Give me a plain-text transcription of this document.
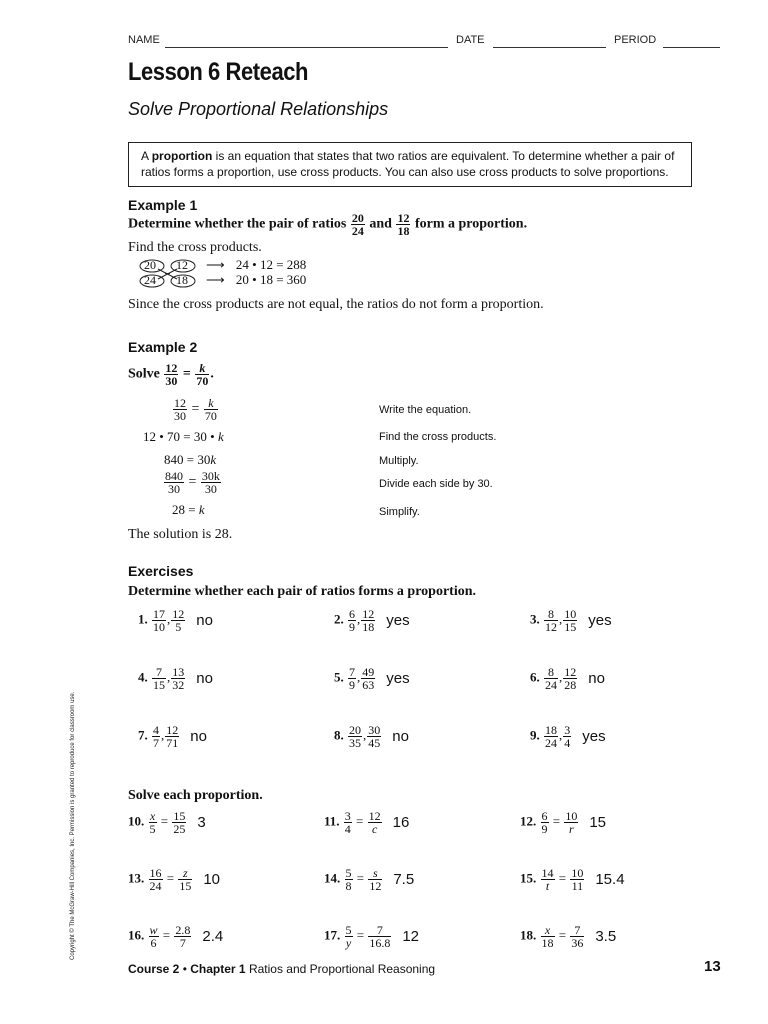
NAME	DATE	PERIOD
Lesson 6 Reteach
Solve Proportional Relationships
A proportion is an equation that states that two ratios are equivalent. To determine whether a pair of ratios forms a proportion, use cross products. You can also use cross products to solve proportions.
Example 1
Determine whether the pair of ratios $\frac{20}{24}$ and $\frac{12}{18}$ form a proportion.
Find the cross products.
20 12
24 18
⟶ 24 • 12 = 288
⟶ 20 • 18 = 360
Since the cross products are not equal, the ratios do not form a proportion.
Example 2
Solve $\frac{12}{30} = \frac{k}{70}$ .
$\frac{12}{30} = \frac{k}{70}$	Write the equation.
12 • 70 = 30 • k	Find the cross products.
840 = 30k	Multiply.
$\frac{840}{30} = \frac{30k}{30}$	Divide each side by 30.
28 = k	Simplify.
The solution is 28.
Exercises
Determine whether each pair of ratios forms a proportion.
1. $\frac{17}{10}$ , $\frac{12}{5}$ no	2. $\frac{6}{9}$ , $\frac{12}{18}$ yes	3. $\frac{8}{12}$ , $\frac{10}{15}$ yes
4. $\frac{7}{15}$ , $\frac{13}{32}$ no	5. $\frac{7}{9}$ , $\frac{49}{63}$ yes	6. $\frac{8}{24}$ , $\frac{12}{28}$ no
7. $\frac{4}{7}$ , $\frac{12}{71}$ no	8. $\frac{20}{35}$ , $\frac{30}{45}$ no	9. $\frac{18}{24}$ , $\frac{3}{4}$ yes
Solve each proportion.
10. $\frac{x}{5} = \frac{15}{25} 3$	11. $\frac{3}{4} = \frac{12}{c} 16$	12. $\frac{6}{9} = \frac{10}{r} 15$
13. $\frac{16}{24} = \frac{z}{15} 10$	14. $\frac{5}{8} = \frac{s}{12} 7.5$	15. $\frac{14}{t} = \frac{10}{11} 15.4$
16. $\frac{w}{6} = \frac{2.8}{7} 2.4$	17. $\frac{5}{y} = \frac{7}{16.8} 12$	18. $\frac{x}{18} = \frac{7}{36} 3.5$
Copyright © The McGraw-Hill Companies, Inc. Permission is granted to reproduce for classroom use.
Course 2 • Chapter 1 Ratios and Proportional Reasoning	13
